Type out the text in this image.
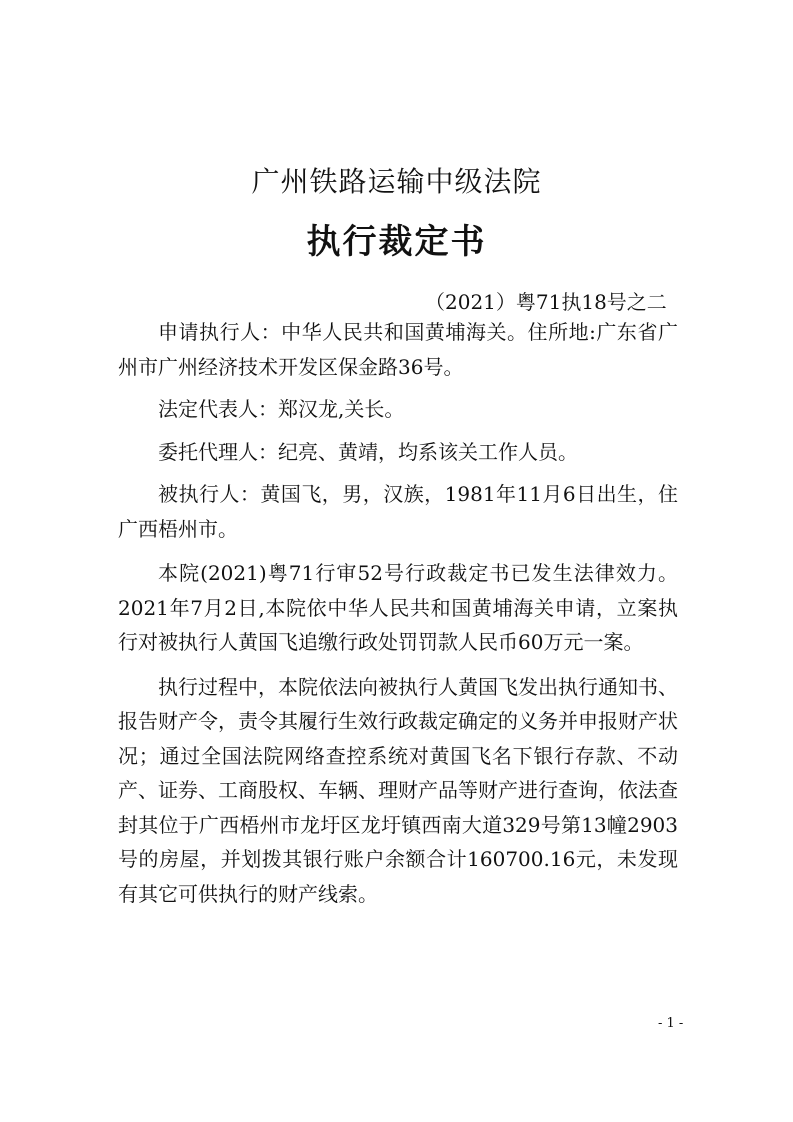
广州铁路运输中级法院
执行裁定书
（2021）粤71执18号之二

申请执行人：中华人民共和国黄埔海关。住所地:广东省广州市广州经济技术开发区保金路36号。

法定代表人：郑汉龙,关长。

委托代理人：纪亮、黄靖，均系该关工作人员。

被执行人：黄国飞，男，汉族，1981年11月6日出生，住广西梧州市。

本院(2021)粤71行审52号行政裁定书已发生法律效力。2021年7月2日,本院依中华人民共和国黄埔海关申请，立案执行对被执行人黄国飞追缴行政处罚罚款人民币60万元一案。

执行过程中，本院依法向被执行人黄国飞发出执行通知书、报告财产令，责令其履行生效行政裁定确定的义务并申报财产状况；通过全国法院网络查控系统对黄国飞名下银行存款、不动产、证券、工商股权、车辆、理财产品等财产进行查询，依法查封其位于广西梧州市龙圩区龙圩镇西南大道329号第13幢2903号的房屋，并划拨其银行账户余额合计160700.16元，未发现有其它可供执行的财产线索。

- 1 -
